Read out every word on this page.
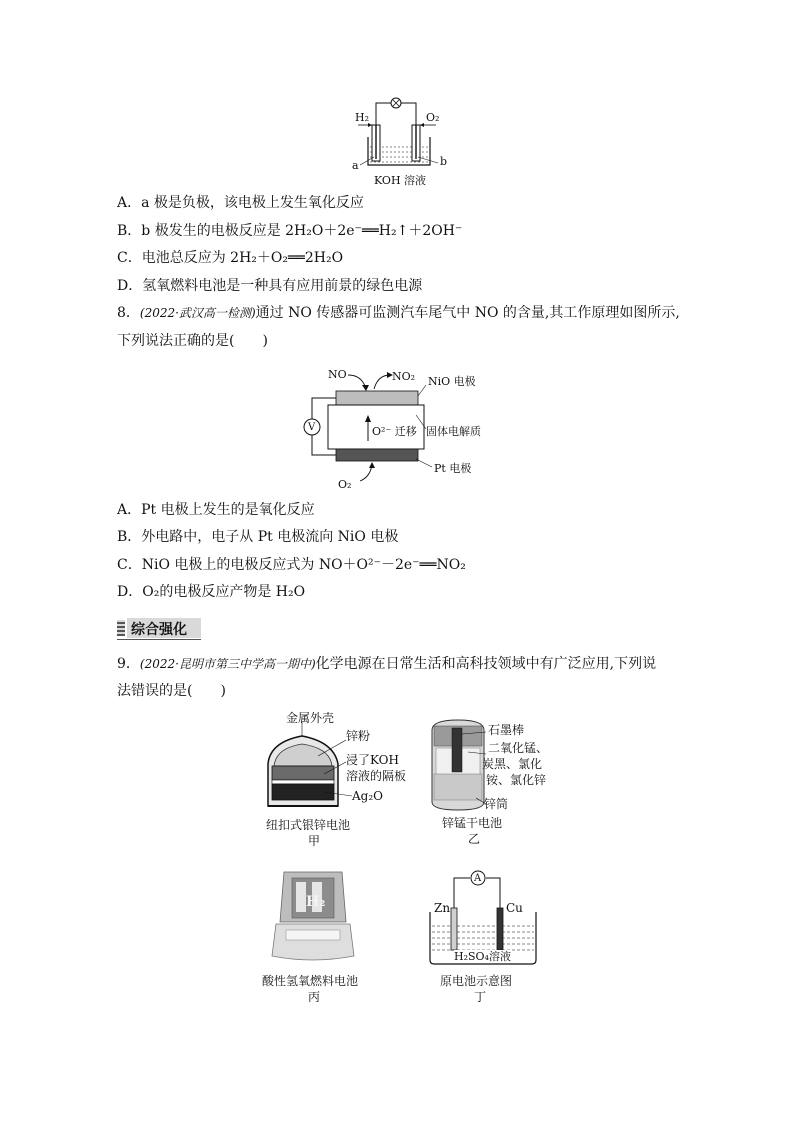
H₂	O₂
a	b
KOH 溶液
A．a 极是负极，该电极上发生氧化反应
B．b 极发生的电极反应是 2H₂O＋2e⁻══H₂↑＋2OH⁻
C．电池总反应为 2H₂＋O₂══2H₂O
D．氢氧燃料电池是一种具有应用前景的绿色电源
8．(2022·武汉高一检测)通过 NO 传感器可监测汽车尾气中 NO 的含量,其工作原理如图所示,
下列说法正确的是(　　)
NO	NO₂ NiO 电极
V	O²⁻ 迁移 固体电解质
Pt 电极
O₂
A．Pt 电极上发生的是氧化反应
B．外电路中，电子从 Pt 电极流向 NiO 电极
C．NiO 电极上的电极反应式为 NO＋O²⁻－2e⁻══NO₂
D．O₂的电极反应产物是 H₂O
综合强化
9．(2022·昆明市第三中学高一期中)化学电源在日常生活和高科技领域中有广泛应用,下列说
法错误的是(　　)
金属外壳
锌粉
浸了KOH
溶液的隔板
Ag₂O
纽扣式银锌电池
甲
石墨棒
二氧化锰、
炭黑、氯化
铵、氯化锌
锌筒
锌锰干电池
乙
H₂
酸性氢氧燃料电池
丙
A
Zn	Cu
H₂SO₄溶液
原电池示意图
丁
